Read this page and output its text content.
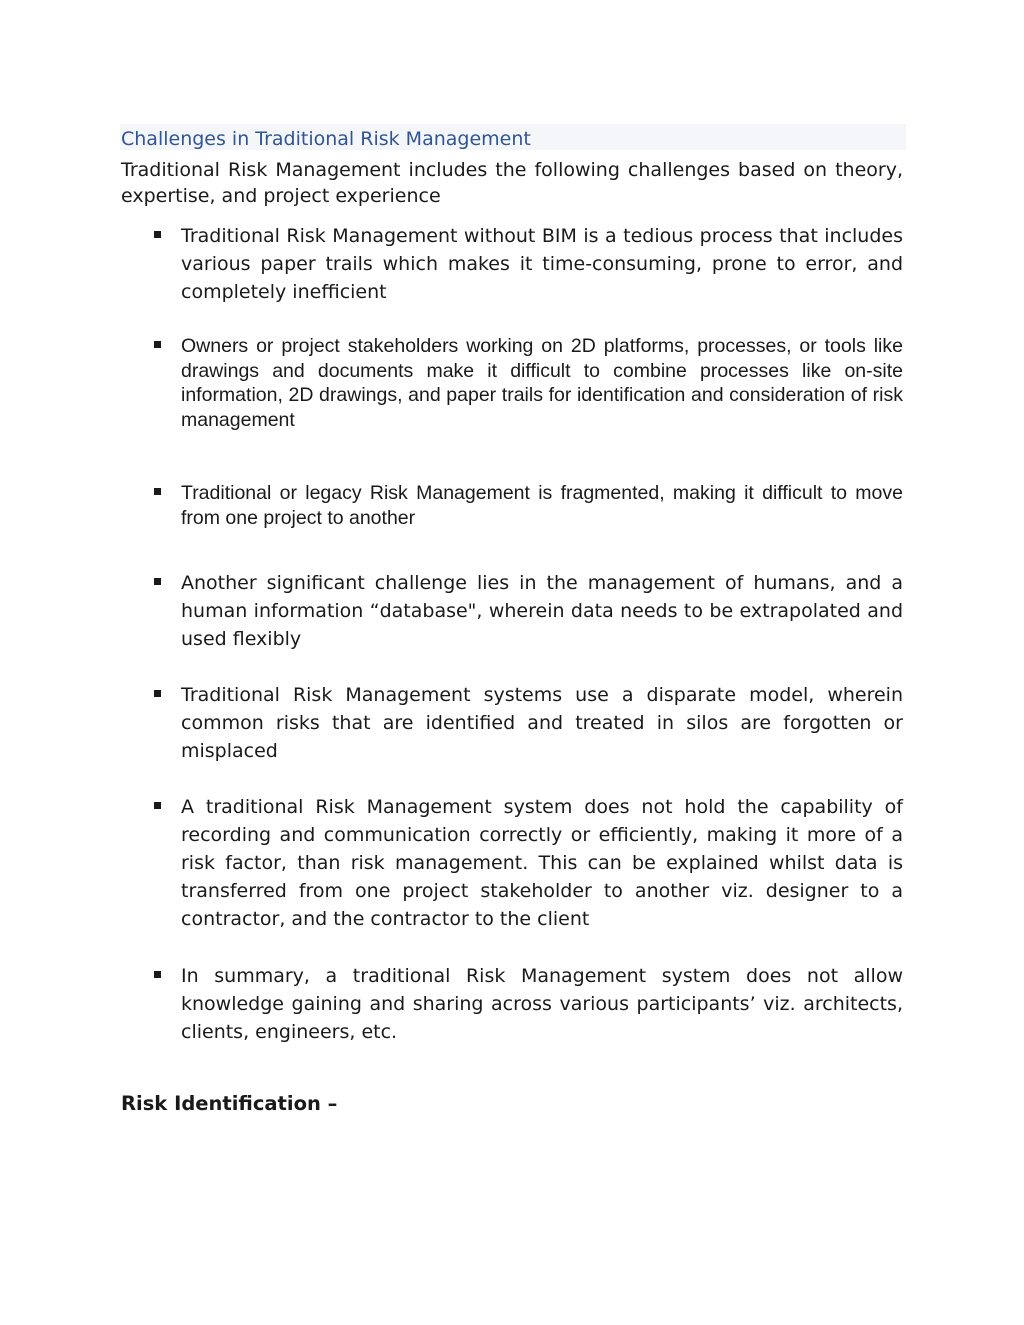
Challenges in Traditional Risk Management

Traditional Risk Management includes the following challenges based on theory, expertise, and project experience

Traditional Risk Management without BIM is a tedious process that includes various paper trails which makes it time-consuming, prone to error, and completely inefficient
Owners or project stakeholders working on 2D platforms, processes, or tools like drawings and documents make it difficult to combine processes like on-site information, 2D drawings, and paper trails for identification and consideration of risk management
Traditional or legacy Risk Management is fragmented, making it difficult to move from one project to another
Another significant challenge lies in the management of humans, and a human information “database", wherein data needs to be extrapolated and used flexibly
Traditional Risk Management systems use a disparate model, wherein common risks that are identified and treated in silos are forgotten or misplaced
A traditional Risk Management system does not hold the capability of recording and communication correctly or efficiently, making it more of a risk factor, than risk management. This can be explained whilst data is transferred from one project stakeholder to another viz. designer to a contractor, and the contractor to the client
In summary, a traditional Risk Management system does not allow knowledge gaining and sharing across various participants’ viz. architects, clients, engineers, etc.
Risk Identification –
